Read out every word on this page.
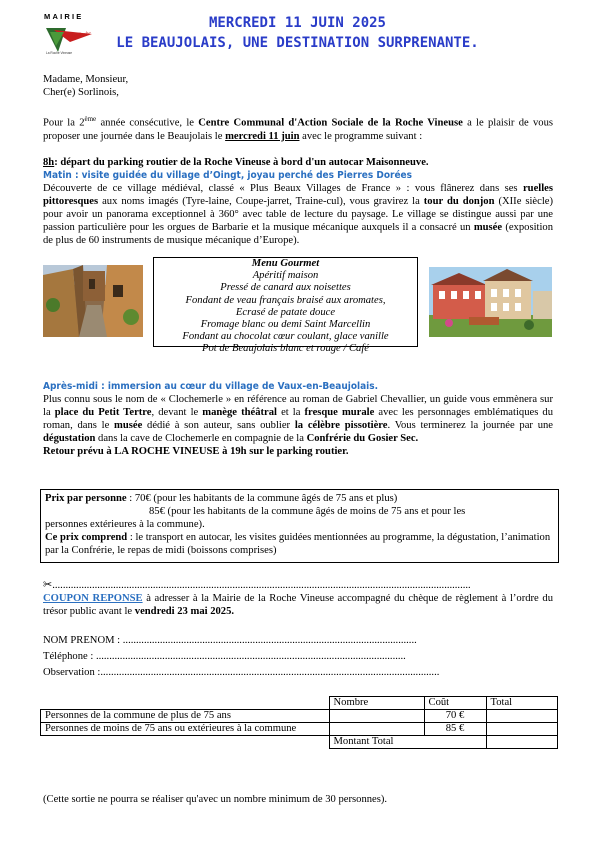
MAIRIE
La Roche
La Roche Vineuse
MERCREDI 11 JUIN 2025
LE BEAUJOLAIS, UNE DESTINATION SURPRENANTE.

Madame, Monsieur,

Cher(e) Sorlinois,

Pour la 2ème année consécutive, le Centre Communal d'Action Sociale de la Roche Vineuse a le plaisir de vous proposer une journée dans le Beaujolais le mercredi 11 juin avec le programme suivant :
8h: départ du parking routier de la Roche Vineuse à bord d'un autocar Maisonneuve.

Matin : visite guidée du village d’Oingt, joyau perché des Pierres Dorées

Découverte de ce village médiéval, classé « Plus Beaux Villages de France » : vous flânerez dans ses ruelles pittoresques aux noms imagés (Tyre-laine, Coupe-jarret, Traine-cul), vous gravirez la tour du donjon (XIIe siècle) pour avoir un panorama exceptionnel à 360° avec table de lecture du paysage. Le village se distingue aussi par une passion particulière pour les orgues de Barbarie et la musique mécanique auxquels il a consacré un musée (exposition de plus de 60 instruments de musique mécanique d’Europe).

Menu Gourmet
Apéritif maison
Pressé de canard aux noisettes
Fondant de veau français braisé aux aromates,
Ecrasé de patate douce
Fromage blanc ou demi Saint Marcellin
Fondant au chocolat cœur coulant, glace vanille
Pot de Beaujolais blanc et rouge / Café

Après-midi : immersion au cœur du village de Vaux-en-Beaujolais.

Plus connu sous le nom de « Clochemerle » en référence au roman de Gabriel Chevallier, un guide vous emmènera sur la place du Petit Tertre, devant le manège théâtral et la fresque murale avec les personnages emblématiques du roman, dans le musée dédié à son auteur, sans oublier la célèbre pissotière. Vous terminerez la journée par une dégustation dans la cave de Clochemerle en compagnie de la Confrérie du Gosier Sec.

Retour prévu à LA ROCHE VINEUSE à 19h sur le parking routier.

Prix par personne : 70€ (pour les habitants de la commune âgés de 75 ans et plus)

85€ (pour les habitants de la commune âgés de moins de 75 ans et pour les

personnes extérieures à la commune).

Ce prix comprend : le transport en autocar, les visites guidées mentionnées au programme, la dégustation, l’animation par la Confrérie, le repas de midi (boissons comprises)

✂..............................................................................................................................................................
COUPON REPONSE à adresser à la Mairie de la Roche Vineuse accompagné du chèque de règlement à l’ordre du trésor public avant le vendredi 23 mai 2025.
NOM PRENOM : ...............................................................................................................
Téléphone : .....................................................................................................................
Observation :................................................................................................................................
	Nombre	Coût	Total
Personnes de la commune de plus de 75 ans		70 €	
Personnes de moins de 75 ans ou extérieures à la commune		85 €	
	Montant Total		
(Cette sortie ne pourra se réaliser qu'avec un nombre minimum de 30 personnes).
